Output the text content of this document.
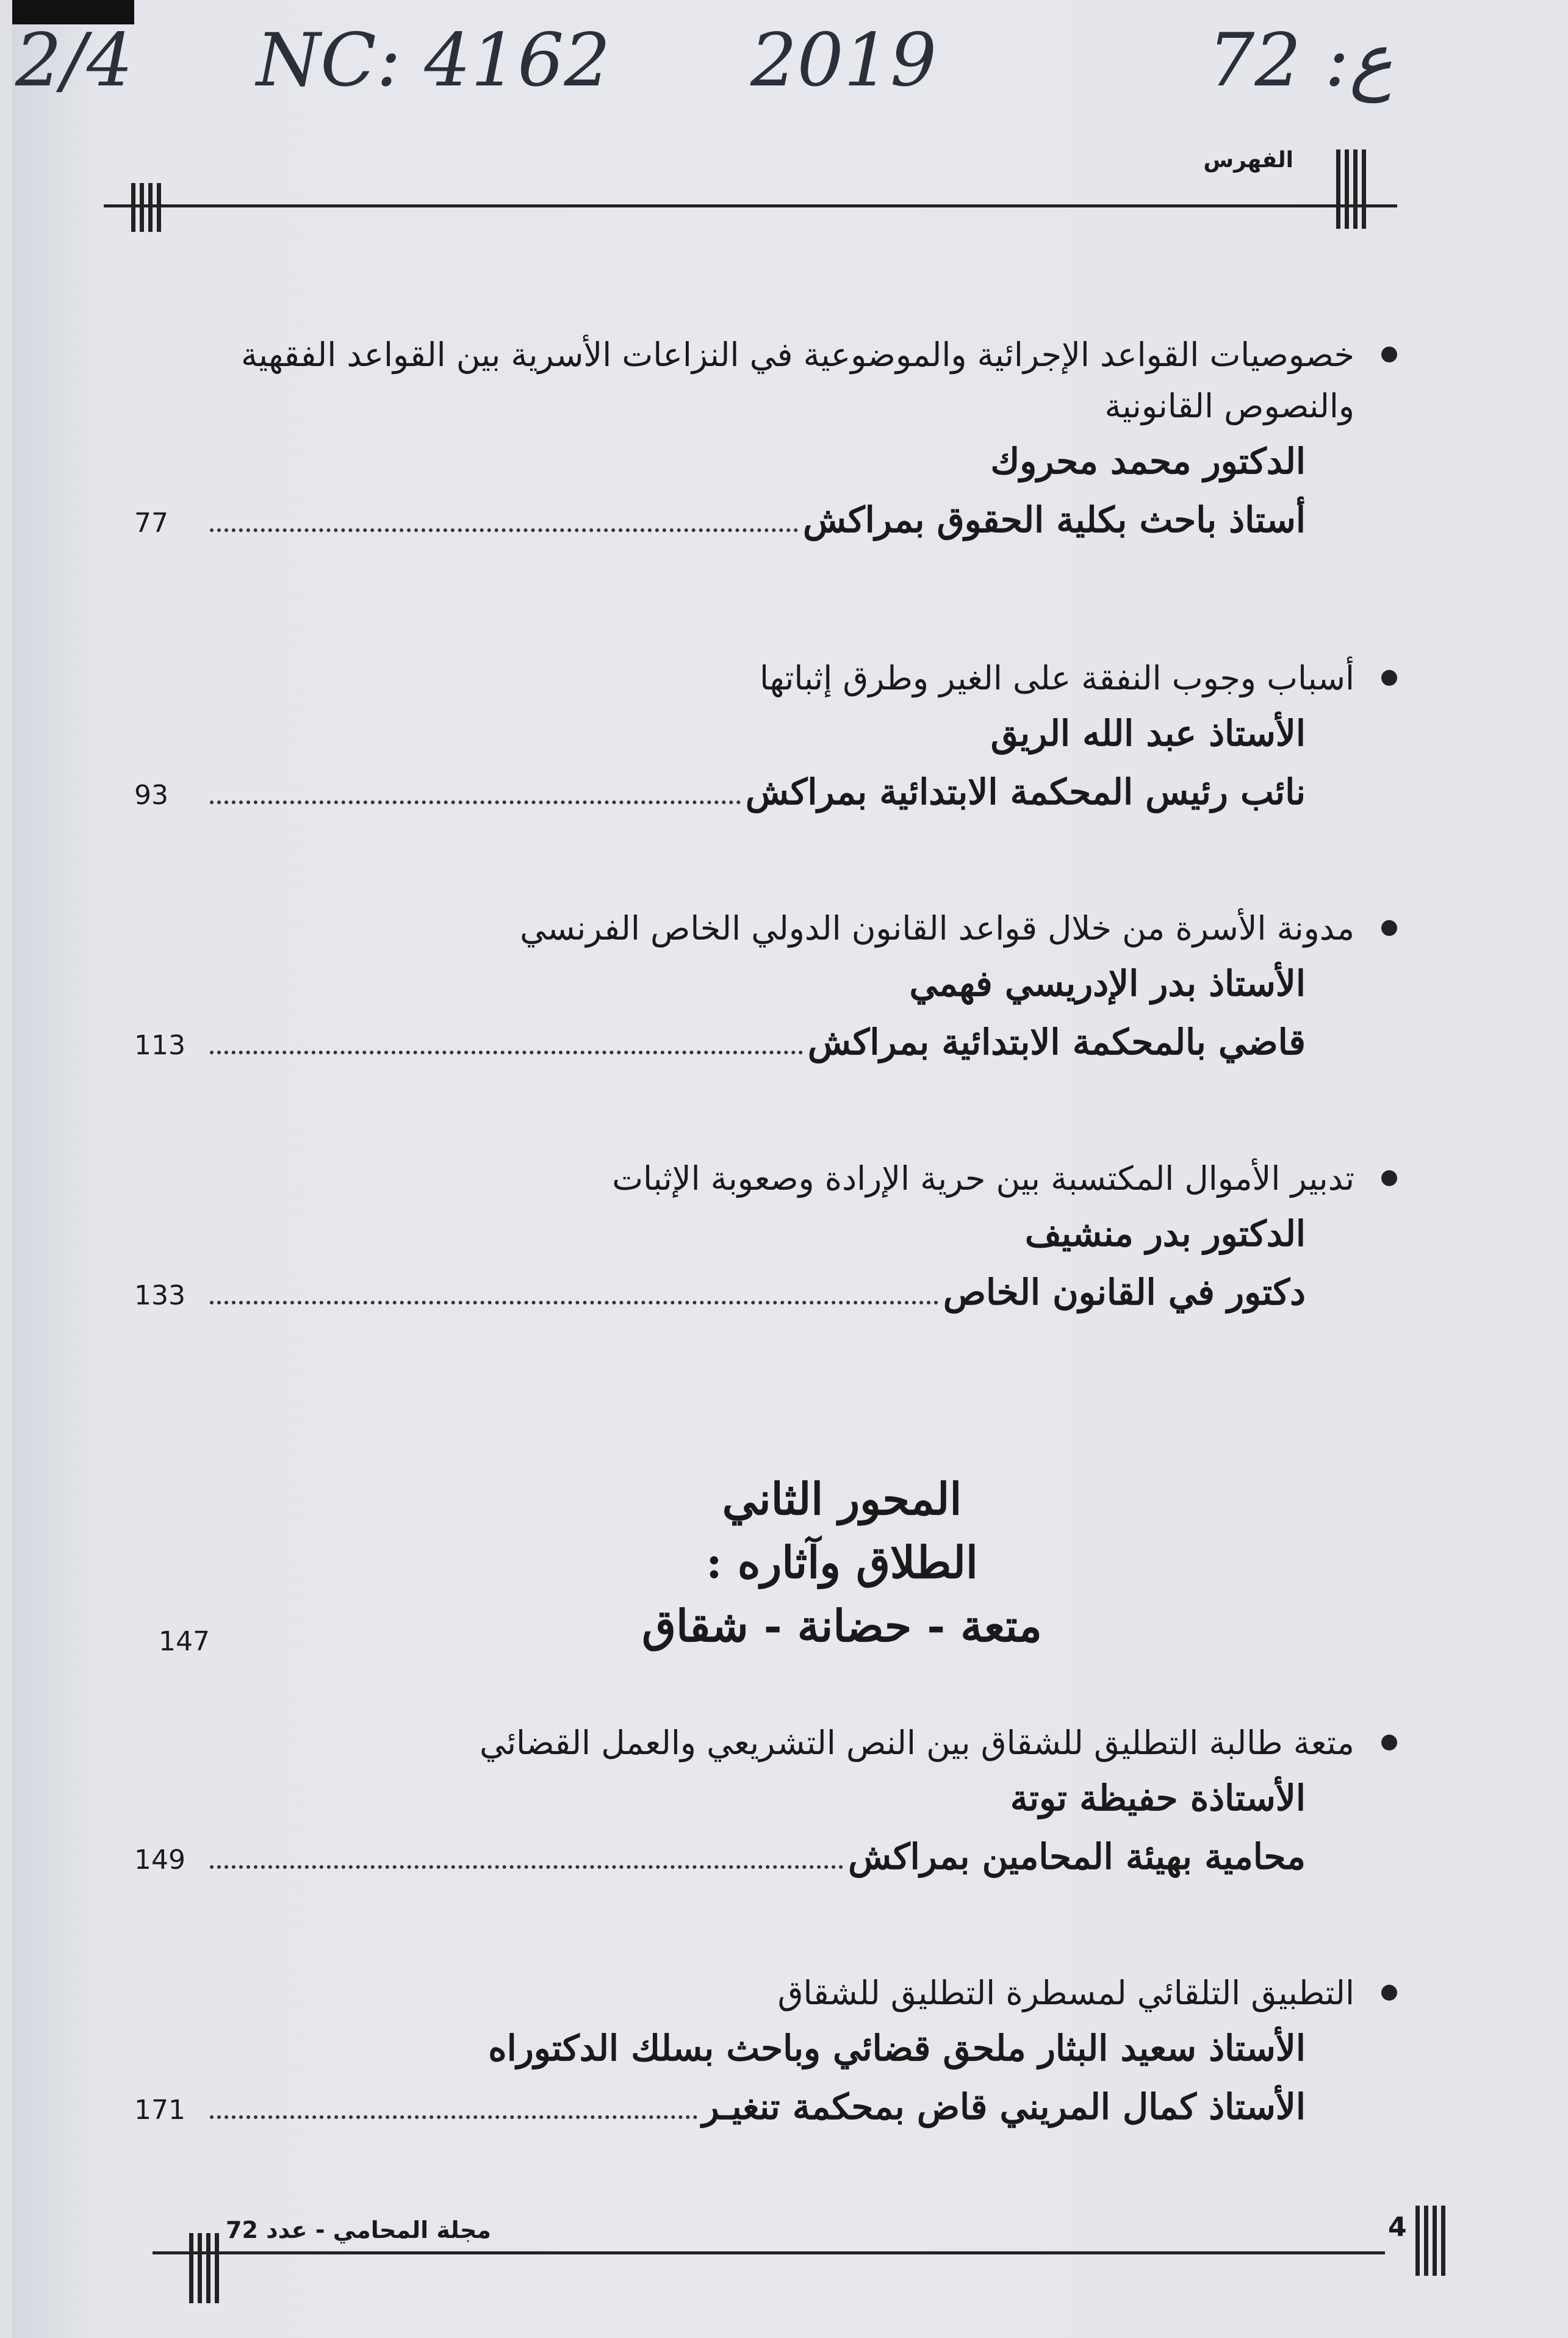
2/4 NC: 4162 2019	72 :ع
الفهرس
خصوصيات القواعد الإجرائية والموضوعية في النزاعات الأسرية بين القواعد الفقهية
والنصوص القانونية
الدكتور محمد محروك
أستاذ باحث بكلية الحقوق بمراكش
77
أسباب وجوب النفقة على الغير وطرق إثباتها
الأستاذ عبد الله الريق
نائب رئيس المحكمة الابتدائية بمراكش
93
مدونة الأسرة من خلال قواعد القانون الدولي الخاص الفرنسي
الأستاذ بدر الإدريسي فهمي
قاضي بالمحكمة الابتدائية بمراكش
113
تدبير الأموال المكتسبة بين حرية الإرادة وصعوبة الإثبات
الدكتور بدر منشيف
دكتور في القانون الخاص
133
المحور الثاني
الطلاق وآثاره :
متعة - حضانة - شقاق
147
متعة طالبة التطليق للشقاق بين النص التشريعي والعمل القضائي
الأستاذة حفيظة توتة
محامية بهيئة المحامين بمراكش
149
التطبيق التلقائي لمسطرة التطليق للشقاق
الأستاذ سعيد البثار ملحق قضائي وباحث بسلك الدكتوراه
الأستاذ كمال المريني قاض بمحكمة تنغيـر
171
مجلة المحامي - عدد 72	4
